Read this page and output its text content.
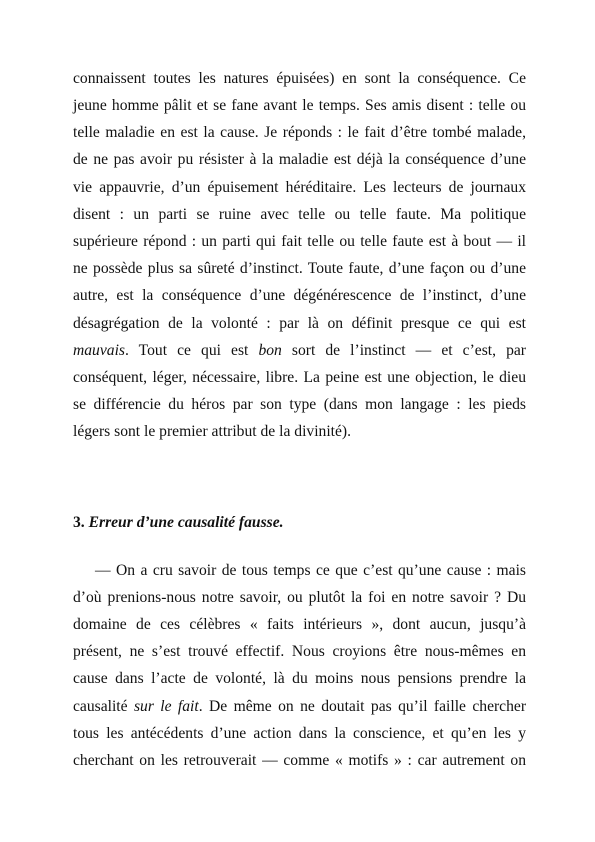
connaissent toutes les natures épuisées) en sont la conséquence. Ce
jeune homme pâlit et se fane avant le temps. Ses amis disent : telle ou
telle maladie en est la cause. Je réponds : le fait d’être tombé malade,
de ne pas avoir pu résister à la maladie est déjà la conséquence d’une
vie appauvrie, d’un épuisement héréditaire. Les lecteurs de journaux
disent : un parti se ruine avec telle ou telle faute. Ma politique
supérieure répond : un parti qui fait telle ou telle faute est à bout — il
ne possède plus sa sûreté d’instinct. Toute faute, d’une façon ou d’une
autre, est la conséquence d’une dégénérescence de l’instinct, d’une
désagrégation de la volonté : par là on définit presque ce qui est
mauvais. Tout ce qui est bon sort de l’instinct — et c’est, par
conséquent, léger, nécessaire, libre. La peine est une objection, le dieu
se différencie du héros par son type (dans mon langage : les pieds
légers sont le premier attribut de la divinité).
3. Erreur d’une causalité fausse.
— On a cru savoir de tous temps ce que c’est qu’une cause : mais
d’où prenions-nous notre savoir, ou plutôt la foi en notre savoir ? Du
domaine de ces célèbres « faits intérieurs », dont aucun, jusqu’à
présent, ne s’est trouvé effectif. Nous croyions être nous-mêmes en
cause dans l’acte de volonté, là du moins nous pensions prendre la
causalité sur le fait. De même on ne doutait pas qu’il faille chercher
tous les antécédents d’une action dans la conscience, et qu’en les y
cherchant on les retrouverait — comme « motifs » : car autrement on
